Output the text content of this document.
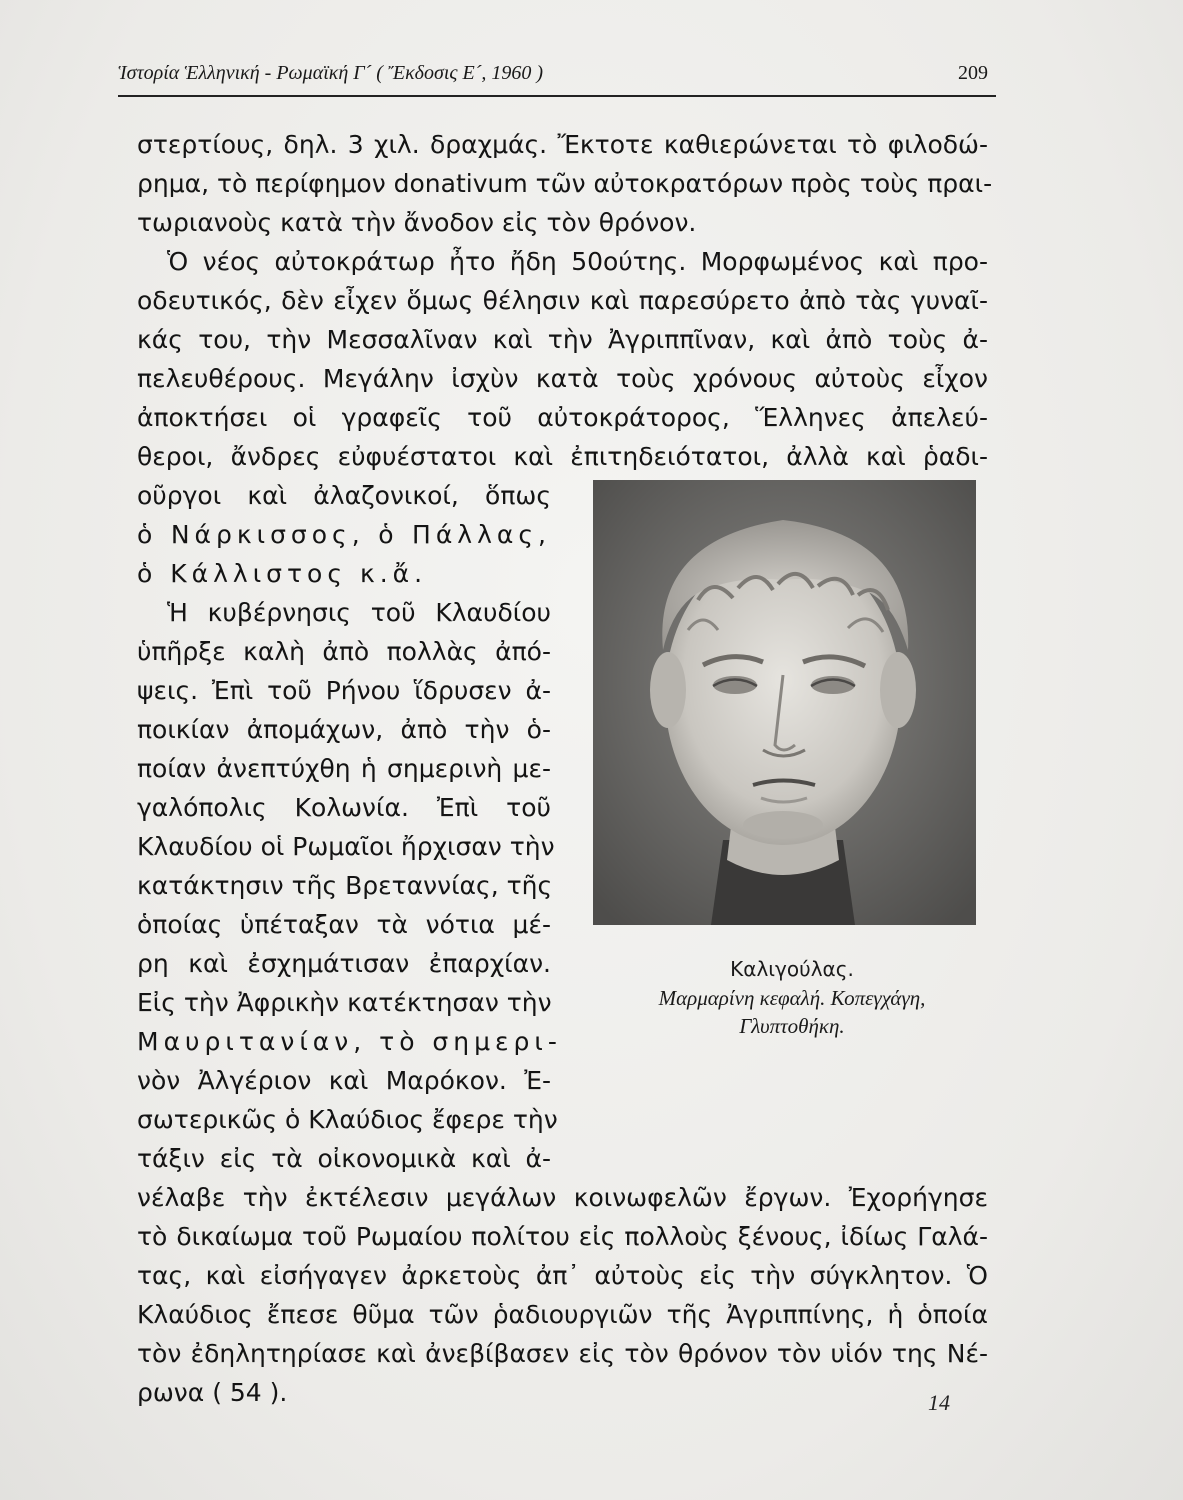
Ἱστορία Ἑλληνική - Ρωμαϊκή Γ´ ( Ἔκδοσις Ε´, 1960 )	209
στερτίους, δηλ. 3 χιλ. δραχμάς. Ἔκτοτε καθιερώνεται τὸ φιλοδώ-
ρημα, τὸ περίφημον donativum τῶν αὐτοκρατόρων πρὸς τοὺς πραι-
τωριανοὺς κατὰ τὴν ἄνοδον εἰς τὸν θρόνον.
Ὁ νέος αὐτοκράτωρ ἦτο ἤδη 50ούτης. Μορφωμένος καὶ προ-
οδευτικός, δὲν εἶχεν ὅμως θέλησιν καὶ παρεσύρετο ἀπὸ τὰς γυναῖ-
κάς του, τὴν Μεσσαλῖναν καὶ τὴν Ἀγριππῖναν, καὶ ἀπὸ τοὺς ἀ-
πελευθέρους. Μεγάλην ἰσχὺν κατὰ τοὺς χρόνους αὐτοὺς εἶχον
ἀποκτήσει οἱ γραφεῖς τοῦ αὐτοκράτορος, Ἕλληνες ἀπελεύ-
θεροι, ἄνδρες εὐφυέστατοι καὶ ἐπιτηδειότατοι, ἀλλὰ καὶ ῥαδι-
οῦργοι καὶ ἀλαζονικοί, ὅπως
ὁ Νάρκισσος, ὁ Πάλλας,
ὁ Κάλλιστος κ.ἄ.
Ἡ κυβέρνησις τοῦ Κλαυδίου
ὑπῆρξε καλὴ ἀπὸ πολλὰς ἀπό-
ψεις. Ἐπὶ τοῦ Ρήνου ἵδρυσεν ἀ-
ποικίαν ἀπομάχων, ἀπὸ τὴν ὁ-
ποίαν ἀνεπτύχθη ἡ σημερινὴ με-
γαλόπολις Κολωνία. Ἐπὶ τοῦ
Κλαυδίου οἱ Ρωμαῖοι ἤρχισαν τὴν
κατάκτησιν τῆς Βρεταννίας, τῆς
ὁποίας ὑπέταξαν τὰ νότια μέ-
ρη καὶ ἐσχημάτισαν ἐπαρχίαν.
Εἰς τὴν Ἀφρικὴν κατέκτησαν τὴν
Μαυριτανίαν, τὸ σημερι-
νὸν Ἀλγέριον καὶ Μαρόκον. Ἐ-
σωτερικῶς ὁ Κλαύδιος ἔφερε τὴν
τάξιν εἰς τὰ οἰκονομικὰ καὶ ἀ-
νέλαβε τὴν ἐκτέλεσιν μεγάλων κοινωφελῶν ἔργων. Ἐχορήγησε
τὸ δικαίωμα τοῦ Ρωμαίου πολίτου εἰς πολλοὺς ξένους, ἰδίως Γαλά-
τας, καὶ εἰσήγαγεν ἀρκετοὺς ἀπ᾽ αὐτοὺς εἰς τὴν σύγκλητον. Ὁ
Κλαύδιος ἔπεσε θῦμα τῶν ῥαδιουργιῶν τῆς Ἀγριππίνης, ἡ ὁποία
τὸν ἐδηλητηρίασε καὶ ἀνεβίβασεν εἰς τὸν θρόνον τὸν υἱόν της Νέ-
ρωνα ( 54 ).
Καλιγούλας.
Μαρμαρίνη κεφαλή. Κοπεγχάγη,
Γλυπτοθήκη.
14
